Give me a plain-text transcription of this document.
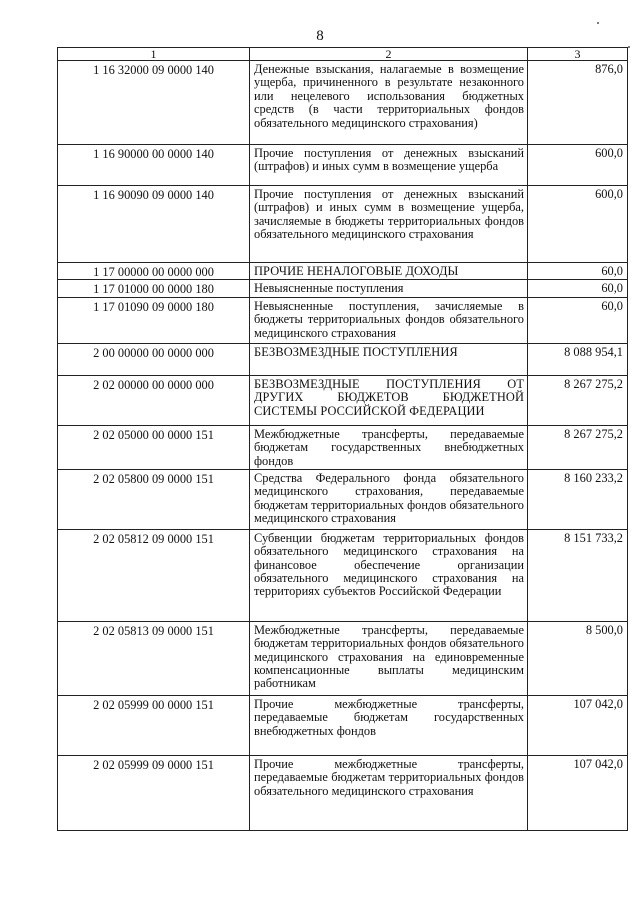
8
1	2	3
1 16 32000 09 0000 140	Денежные взыскания, налагаемые в возмещение ущерба, причиненного в результате незаконного или нецелевого использования бюджетных средств (в части территориальных фондов обязательного медицинского страхования)	876,0
1 16 90000 00 0000 140	Прочие поступления от денежных взысканий (штрафов) и иных сумм в возмещение ущерба	600,0
1 16 90090 09 0000 140	Прочие поступления от денежных взысканий (штрафов) и иных сумм в возмещение ущерба, зачисляемые в бюджеты территориальных фондов обязательного медицинского страхования	600,0
1 17 00000 00 0000 000	ПРОЧИЕ НЕНАЛОГОВЫЕ ДОХОДЫ	60,0
1 17 01000 00 0000 180	Невыясненные поступления	60,0
1 17 01090 09 0000 180	Невыясненные поступления, зачисляемые в бюджеты территориальных фондов обязательного медицинского страхования	60,0
2 00 00000 00 0000 000	БЕЗВОЗМЕЗДНЫЕ ПОСТУПЛЕНИЯ	8 088 954,1
2 02 00000 00 0000 000	БЕЗВОЗМЕЗДНЫЕ ПОСТУПЛЕНИЯ ОТ ДРУГИХ БЮДЖЕТОВ БЮДЖЕТНОЙ СИСТЕМЫ РОССИЙСКОЙ ФЕДЕРАЦИИ	8 267 275,2
2 02 05000 00 0000 151	Межбюджетные трансферты, передаваемые бюджетам государственных внебюджетных фондов	8 267 275,2
2 02 05800 09 0000 151	Средства Федерального фонда обязательного медицинского страхования, передаваемые бюджетам территориальных фондов обязательного медицинского страхования	8 160 233,2
2 02 05812 09 0000 151	Субвенции бюджетам территориальных фондов обязательного медицинского страхования на финансовое обеспечение организации обязательного медицинского страхования на территориях субъектов Российской Федерации	8 151 733,2
2 02 05813 09 0000 151	Межбюджетные трансферты, передаваемые бюджетам территориальных фондов обязательного медицинского страхования на единовременные компенсационные выплаты медицинским работникам	8 500,0
2 02 05999 00 0000 151	Прочие межбюджетные трансферты, передаваемые бюджетам государственных внебюджетных фондов	107 042,0
2 02 05999 09 0000 151	Прочие межбюджетные трансферты, передаваемые бюджетам территориальных фондов обязательного медицинского страхования	107 042,0
